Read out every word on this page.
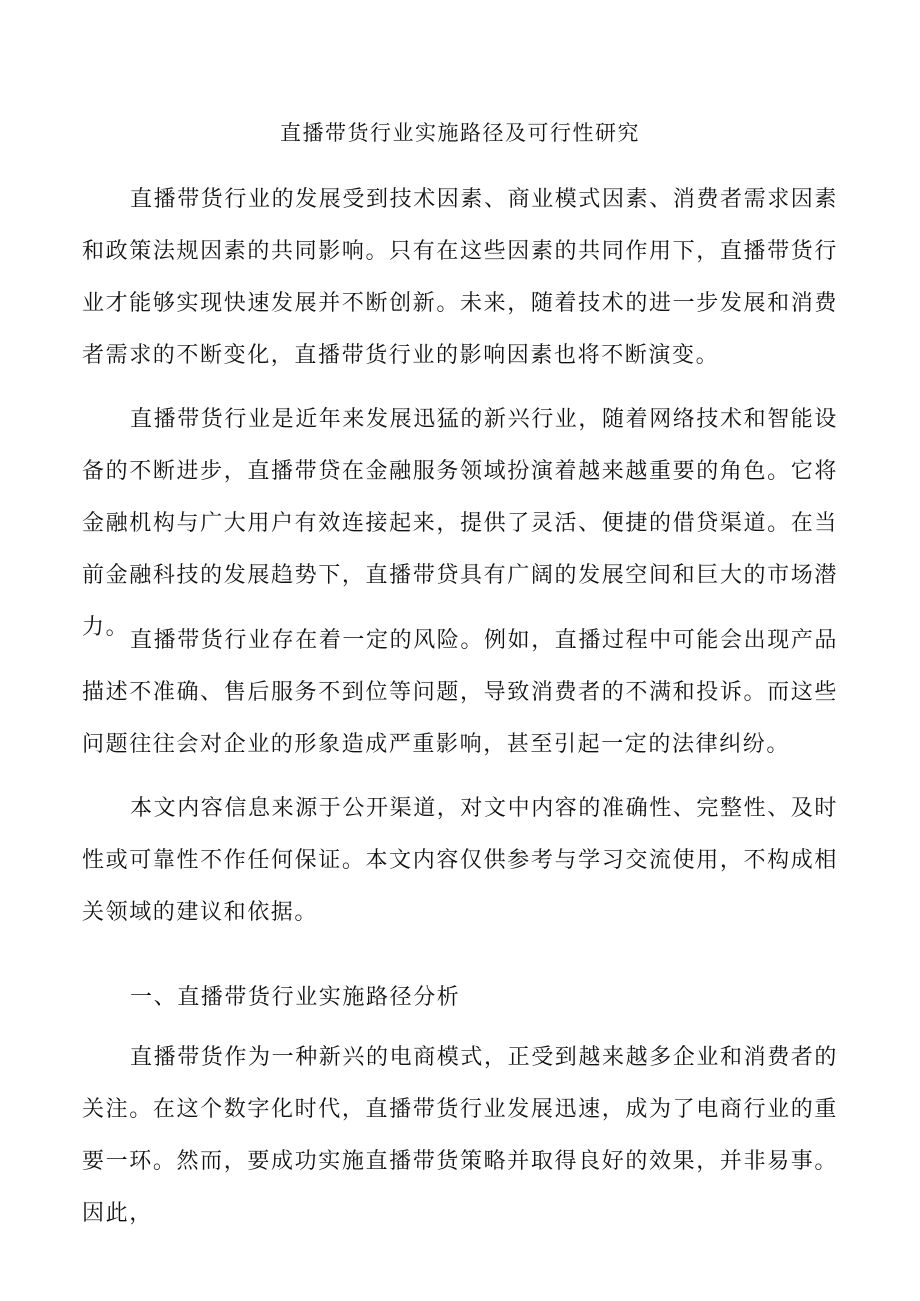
直播带货行业实施路径及可行性研究

直播带货行业的发展受到技术因素、商业模式因素、消费者需求因素和政策法规因素的共同影响。只有在这些因素的共同作用下，直播带货行业才能够实现快速发展并不断创新。未来，随着技术的进一步发展和消费者需求的不断变化，直播带货行业的影响因素也将不断演变。

直播带货行业是近年来发展迅猛的新兴行业，随着网络技术和智能设备的不断进步，直播带贷在金融服务领域扮演着越来越重要的角色。它将金融机构与广大用户有效连接起来，提供了灵活、便捷的借贷渠道。在当前金融科技的发展趋势下，直播带贷具有广阔的发展空间和巨大的市场潜力。

直播带货行业存在着一定的风险。例如，直播过程中可能会出现产品描述不准确、售后服务不到位等问题，导致消费者的不满和投诉。而这些问题往往会对企业的形象造成严重影响，甚至引起一定的法律纠纷。

本文内容信息来源于公开渠道，对文中内容的准确性、完整性、及时性或可靠性不作任何保证。本文内容仅供参考与学习交流使用，不构成相关领域的建议和依据。

一、直播带货行业实施路径分析

直播带货作为一种新兴的电商模式，正受到越来越多企业和消费者的关注。在这个数字化时代，直播带货行业发展迅速，成为了电商行业的重要一环。然而，要成功实施直播带货策略并取得良好的效果，并非易事。因此，
